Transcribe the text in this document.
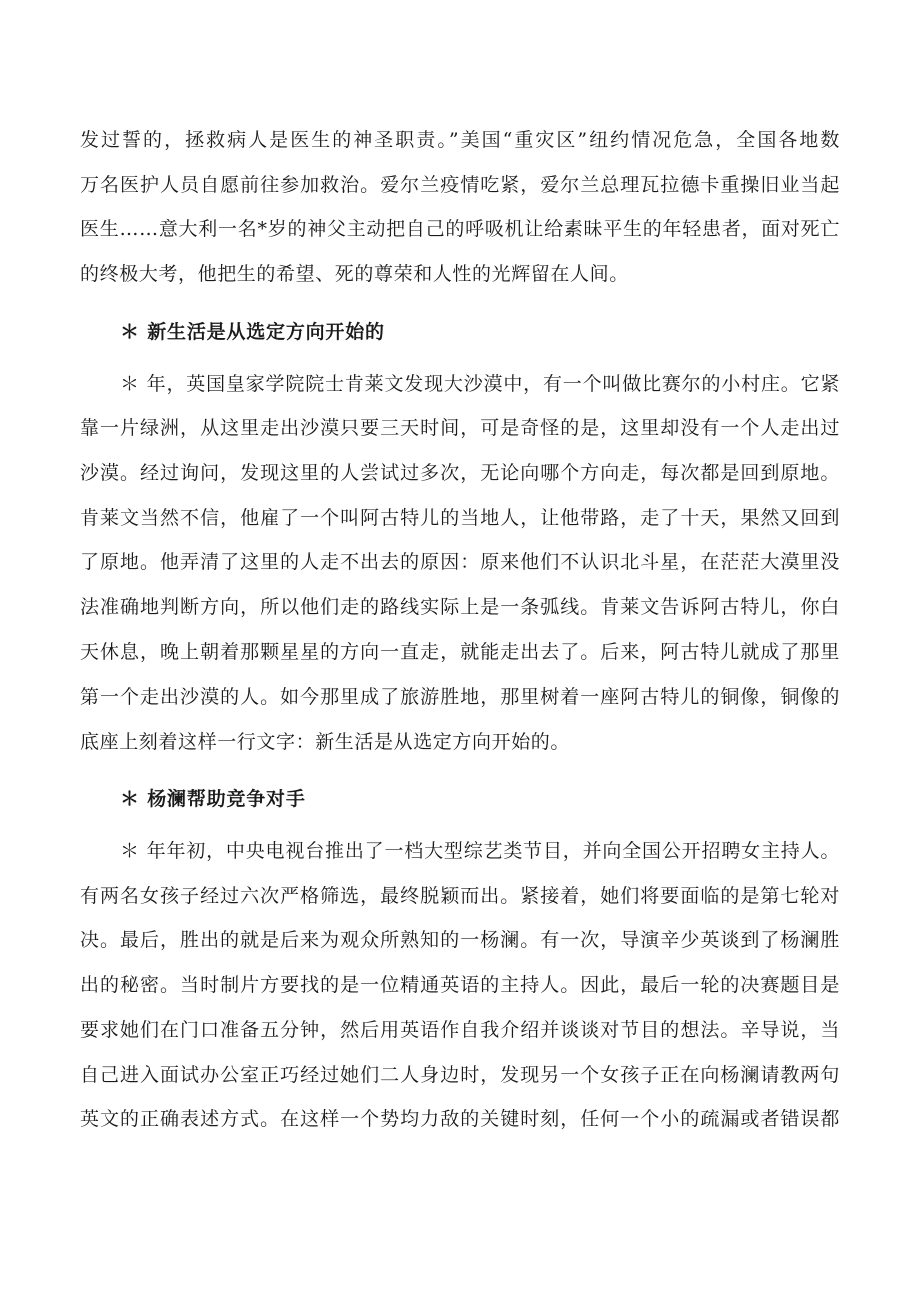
发过誓的，拯救病人是医生的神圣职责。”美国“重灾区”纽约情况危急，全国各地数
万名医护人员自愿前往参加救治。爱尔兰疫情吃紧，爱尔兰总理瓦拉德卡重操旧业当起
医生……意大利一名*岁的神父主动把自己的呼吸机让给素昧平生的年轻患者，面对死亡
的终极大考，他把生的希望、死的尊荣和人性的光辉留在人间。
＊ 新生活是从选定方向开始的
＊ 年，英国皇家学院院士肯莱文发现大沙漠中，有一个叫做比赛尔的小村庄。它紧
靠一片绿洲，从这里走出沙漠只要三天时间，可是奇怪的是，这里却没有一个人走出过
沙漠。经过询问，发现这里的人尝试过多次，无论向哪个方向走，每次都是回到原地。
肯莱文当然不信，他雇了一个叫阿古特儿的当地人，让他带路，走了十天，果然又回到
了原地。他弄清了这里的人走不出去的原因：原来他们不认识北斗星，在茫茫大漠里没
法准确地判断方向，所以他们走的路线实际上是一条弧线。肯莱文告诉阿古特儿，你白
天休息，晚上朝着那颗星星的方向一直走，就能走出去了。后来，阿古特儿就成了那里
第一个走出沙漠的人。如今那里成了旅游胜地，那里树着一座阿古特儿的铜像，铜像的
底座上刻着这样一行文字：新生活是从选定方向开始的。
＊ 杨澜帮助竞争对手
＊ 年年初，中央电视台推出了一档大型综艺类节目，并向全国公开招聘女主持人。
有两名女孩子经过六次严格筛选，最终脱颖而出。紧接着，她们将要面临的是第七轮对
决。最后，胜出的就是后来为观众所熟知的一杨澜。有一次，导演辛少英谈到了杨澜胜
出的秘密。当时制片方要找的是一位精通英语的主持人。因此，最后一轮的决赛题目是
要求她们在门口准备五分钟，然后用英语作自我介绍并谈谈对节目的想法。辛导说，当
自己进入面试办公室正巧经过她们二人身边时，发现另一个女孩子正在向杨澜请教两句
英文的正确表述方式。在这样一个势均力敌的关键时刻，任何一个小的疏漏或者错误都
